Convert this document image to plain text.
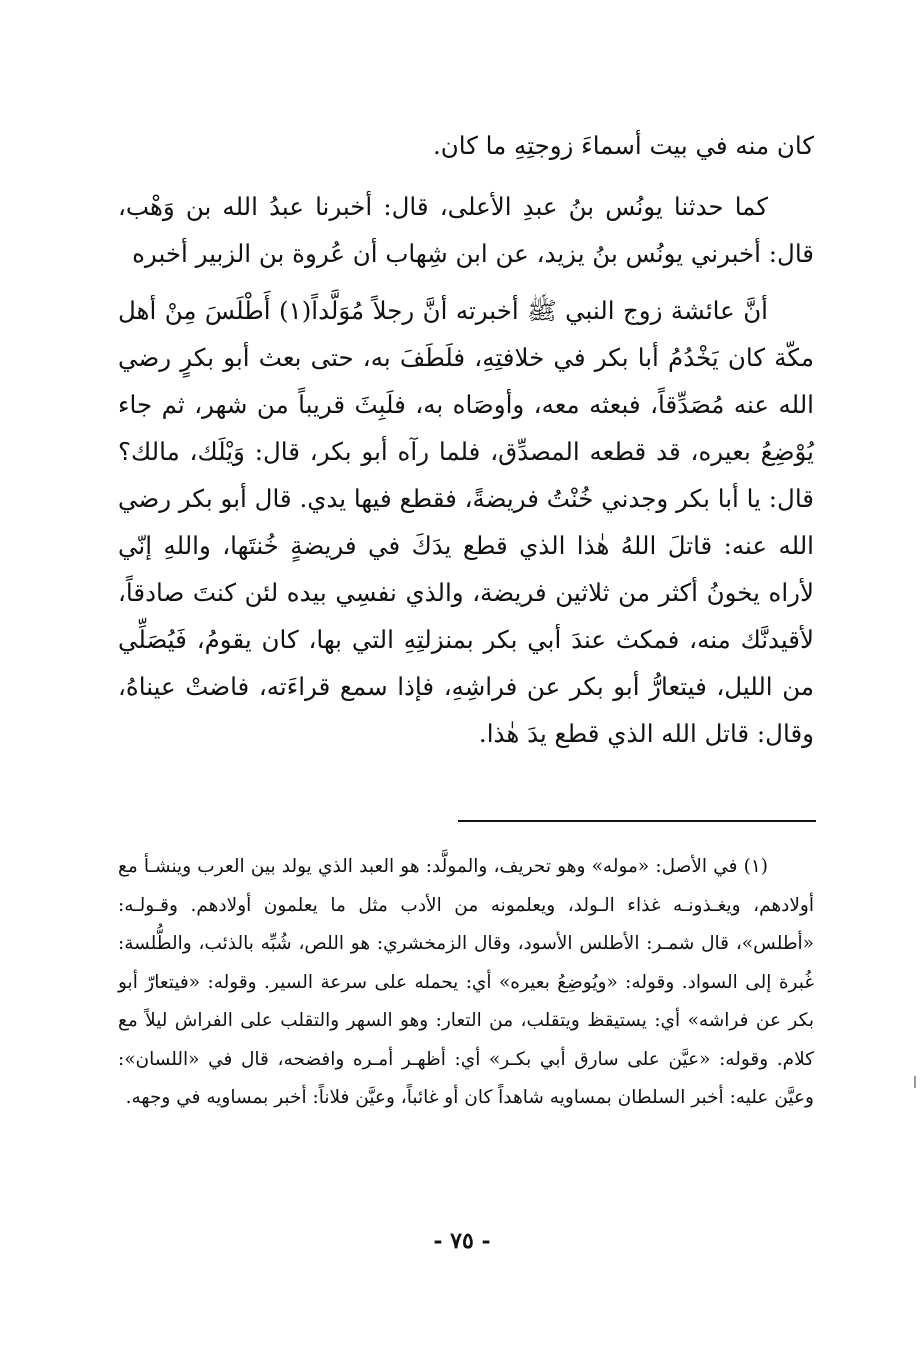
كان منه في بيت أسماءَ زوجتِهِ ما كان.

كما حدثنا يونُس بنُ عبدِ الأعلى، قال: أخبرنا عبدُ الله بن وَهْب، قال: أخبرني يونُس بنُ يزيد، عن ابن شِهاب أن عُروة بن الزبير أخبره

أنَّ عائشة زوج النبي ﷺ أخبرته أنَّ رجلاً مُوَلَّداً(١) أَطْلَسَ مِنْ أهل مكّة كان يَخْدُمُ أبا بكر في خلافتِهِ، فلَطَفَ به، حتى بعث أبو بكرٍ رضي الله عنه مُصَدِّقاً، فبعثه معه، وأوصَاه به، فلَبِثَ قريباً من شهر، ثم جاء يُوْضِعُ بعيره، قد قطعه المصدِّق، فلما رآه أبو بكر، قال: وَيْلَك، مالك؟ قال: يا أبا بكر وجدني خُنْتُ فريضةً، فقطع فيها يدي. قال أبو بكر رضي الله عنه: قاتلَ اللهُ هٰذا الذي قطع يدَكَ في فريضةٍ خُنتَها، واللهِ إنّي لأراه يخونُ أكثر من ثلاثين فريضة، والذي نفسِي بيده لئن كنتَ صادقاً، لأقيدنَّك منه، فمكث عندَ أبي بكر بمنزلتِهِ التي بها، كان يقومُ، فَيُصَلِّي من الليل، فيتعارُّ أبو بكر عن فراشِهِ، فإذا سمع قراءَته، فاضتْ عيناهُ، وقال: قاتل الله الذي قطع يدَ هٰذا.

(١) في الأصل: «موله» وهو تحريف، والمولَّد: هو العبد الذي يولد بين العرب وينشـأ مع أولادهم، ويغـذونـه غذاء الـولد، ويعلمونه من الأدب مثل ما يعلمون أولادهم. وقـولـه: «أطلس»، قال شمـر: الأطلس الأسود، وقال الزمخشري: هو اللص، شُبِّه بالذئب، والطُّلسة: غُبرة إلى السواد. وقوله: «ويُوضِعُ بعيره» أي: يحمله على سرعة السير. وقوله: «فيتعارّ أبو بكر عن فراشه» أي: يستيقظ ويتقلب، من التعار: وهو السهر والتقلب على الفراش ليلاً مع كلام. وقوله: «عيَّن على سارق أبي بكـر» أي: أظهـر أمـره وافضحه، قال في «اللسان»: وعيَّن عليه: أخبر السلطان بمساويه شاهداً كان أو غائباً، وعيَّن فلاناً: أخبر بمساويه في وجهه.

- ٧٥ -
